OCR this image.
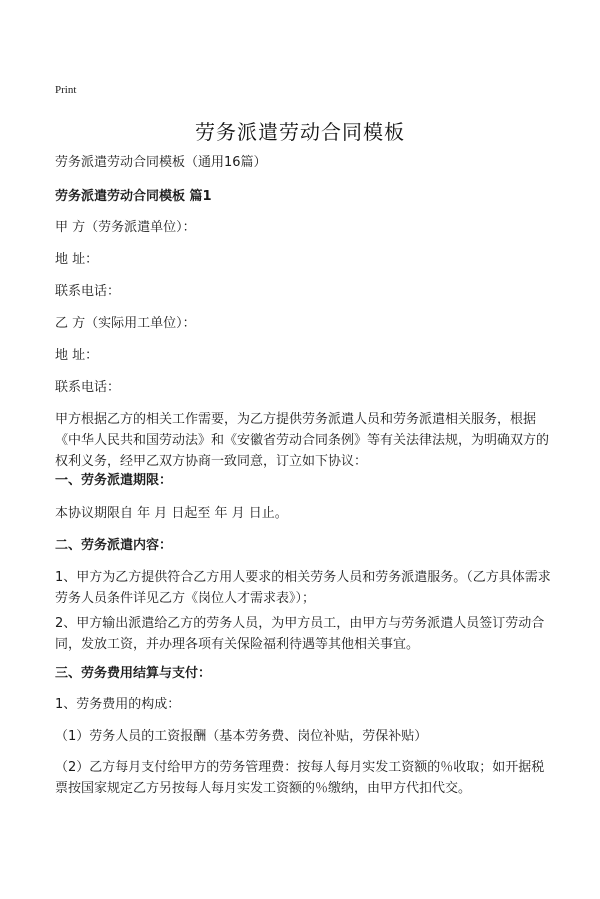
Print
劳务派遣劳动合同模板
劳务派遣劳动合同模板（通用16篇）
劳务派遣劳动合同模板 篇1
甲 方（劳务派遣单位）：
地 址：
联系电话：
乙 方（实际用工单位）：
地 址：
联系电话：
甲方根据乙方的相关工作需要，为乙方提供劳务派遣人员和劳务派遣相关服务，根据《中华人民共和国劳动法》和《安徽省劳动合同条例》等有关法律法规，为明确双方的权利义务，经甲乙双方协商一致同意，订立如下协议：
一、劳务派遣期限：
本协议期限自 年 月 日起至 年 月 日止。
二、劳务派遣内容：
1、甲方为乙方提供符合乙方用人要求的相关劳务人员和劳务派遣服务。（乙方具体需求劳务人员条件详见乙方《岗位人才需求表》）；
2、甲方输出派遣给乙方的劳务人员，为甲方员工，由甲方与劳务派遣人员签订劳动合同，发放工资，并办理各项有关保险福利待遇等其他相关事宜。
三、劳务费用结算与支付：
1、劳务费用的构成：
（1）劳务人员的工资报酬（基本劳务费、岗位补贴，劳保补贴）
（2）乙方每月支付给甲方的劳务管理费：按每人每月实发工资额的％收取；如开据税票按国家规定乙方另按每人每月实发工资额的％缴纳，由甲方代扣代交。
